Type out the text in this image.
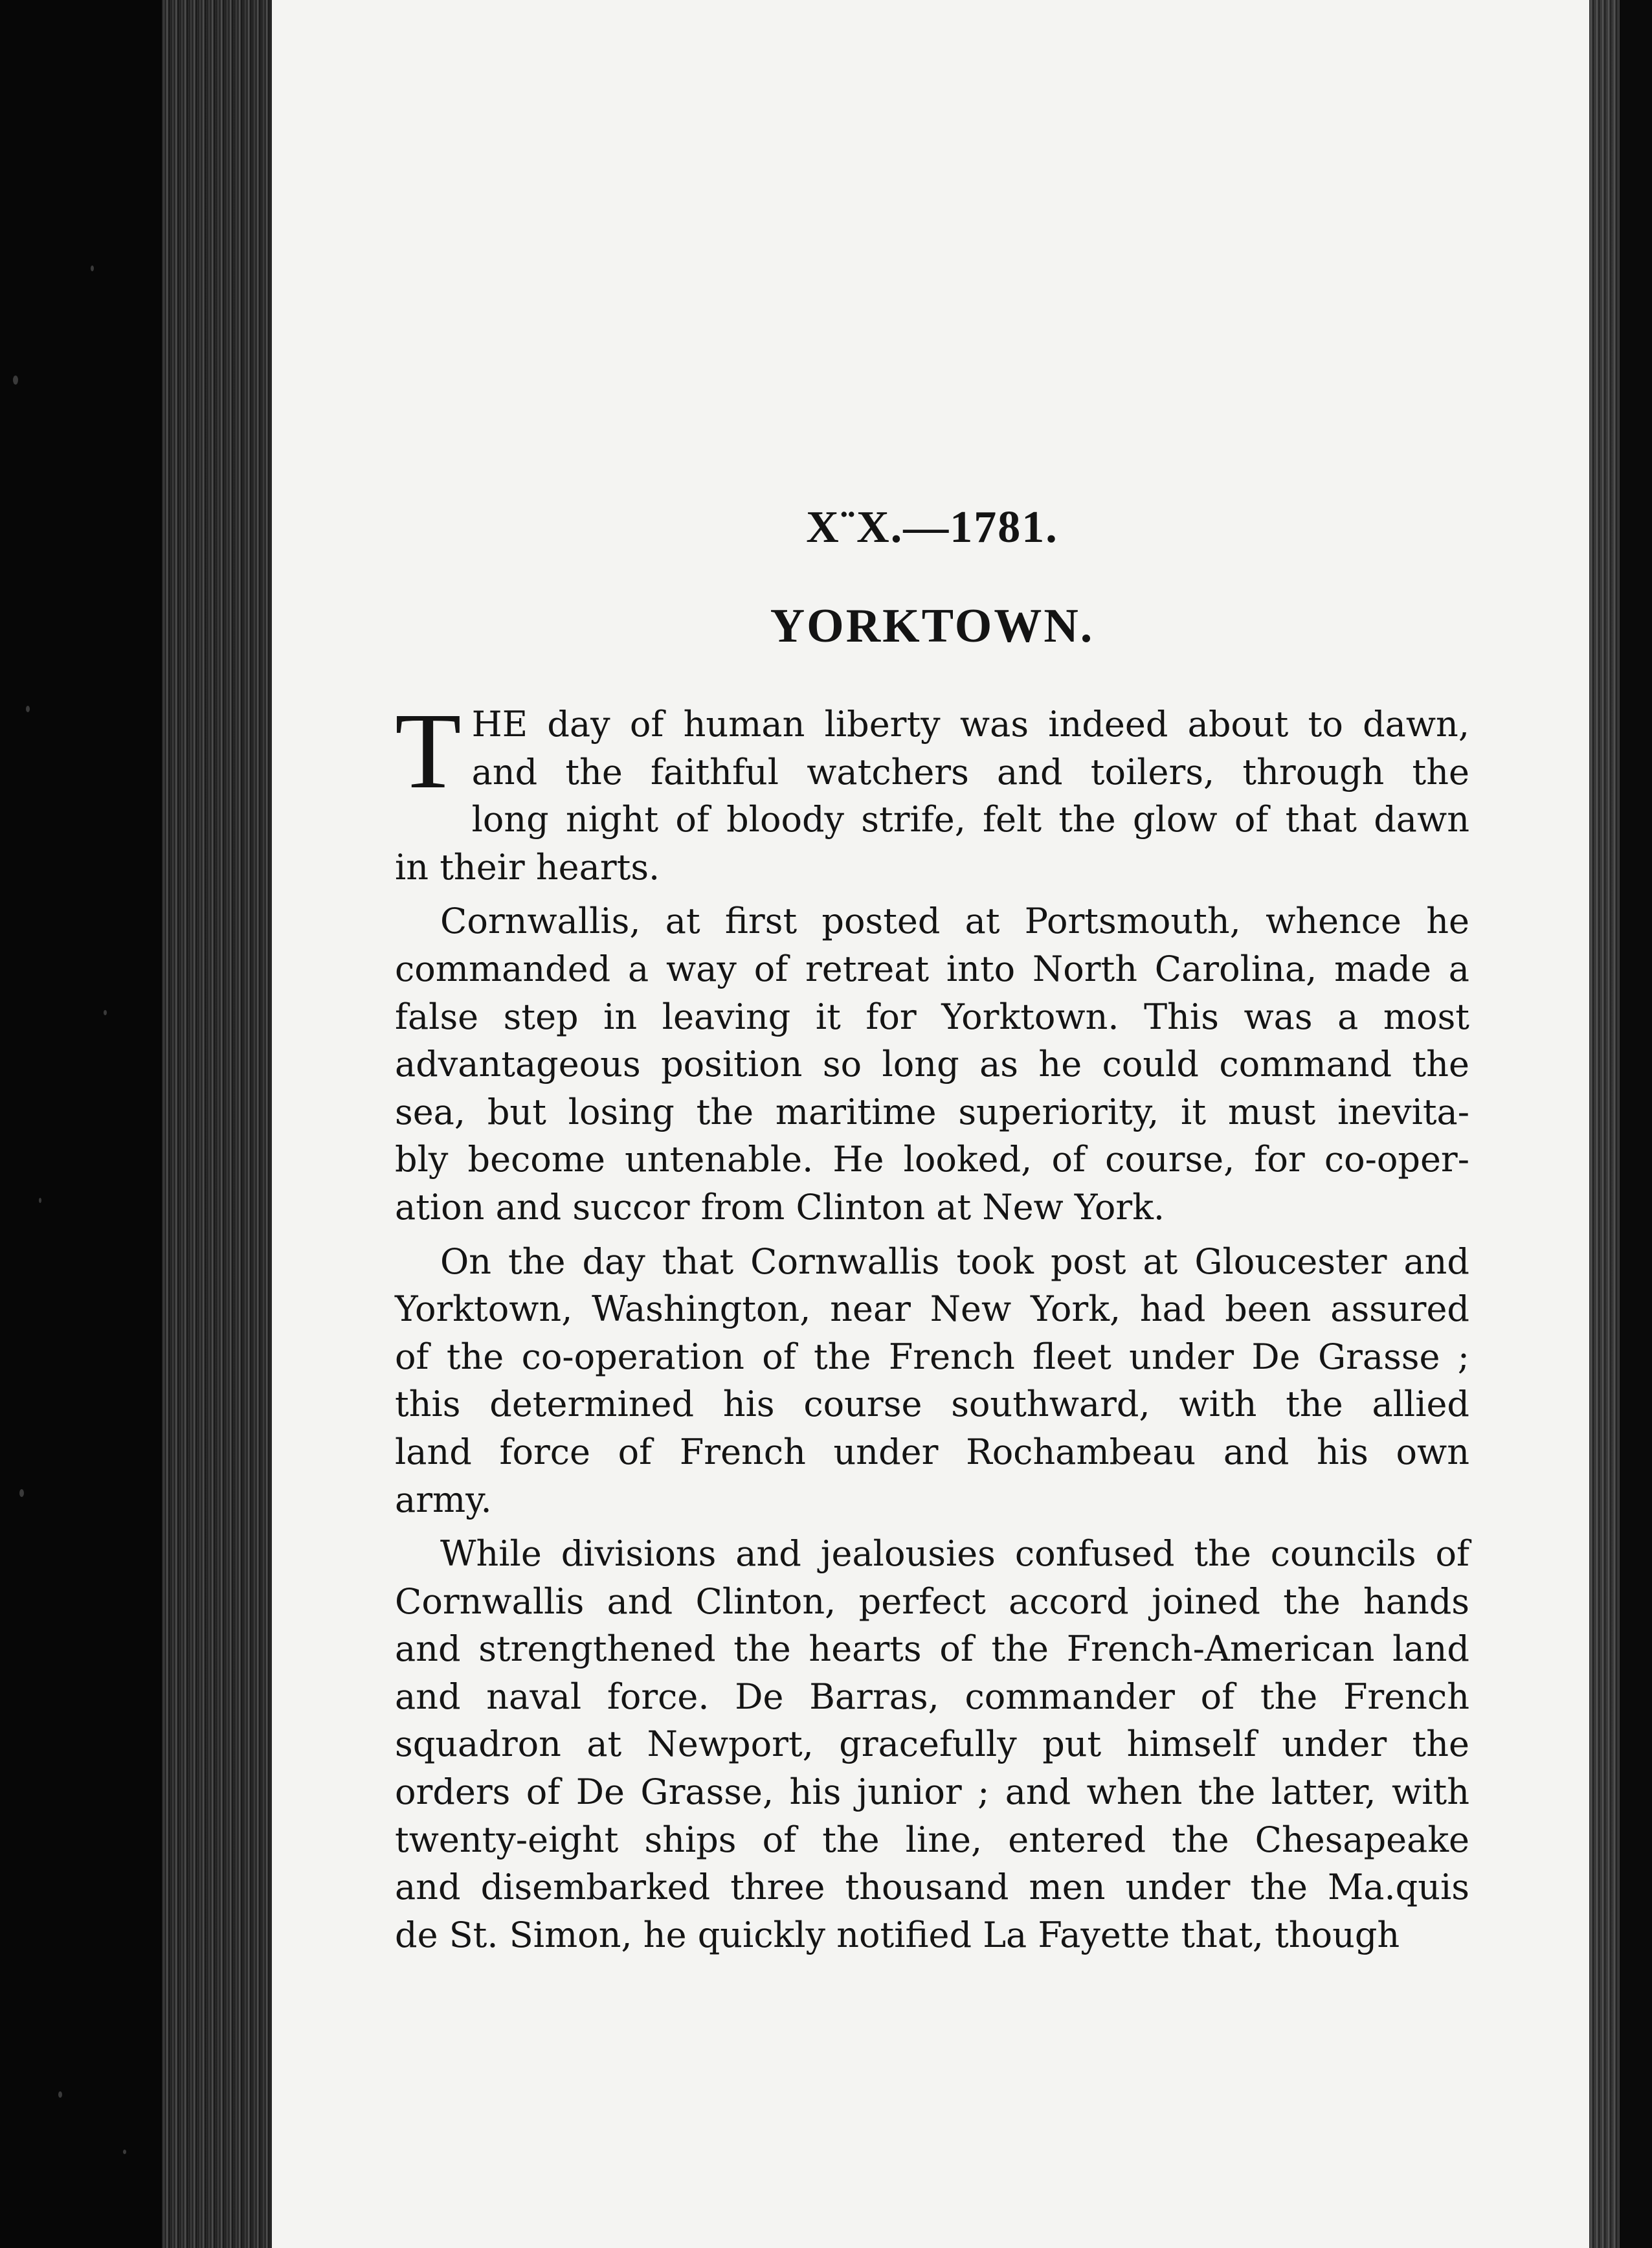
X¨X.—1781.
YORKTOWN.
T HE day of human liberty was indeed about to dawn,
and the faithful watchers and toilers, through the
long night of bloody strife, felt the glow of that dawn
in their hearts.
Cornwallis, at first posted at Portsmouth, whence he
commanded a way of retreat into North Carolina, made a
false step in leaving it for Yorktown. This was a most
advantageous position so long as he could command the
sea, but losing the maritime superiority, it must inevita-
bly become untenable. He looked, of course, for co-oper-
ation and succor from Clinton at New York.
On the day that Cornwallis took post at Gloucester and
Yorktown, Washington, near New York, had been assured
of the co-operation of the French fleet under De Grasse ;
this determined his course southward, with the allied
land force of French under Rochambeau and his own
army.
While divisions and jealousies confused the councils of
Cornwallis and Clinton, perfect accord joined the hands
and strengthened the hearts of the French-American land
and naval force. De Barras, commander of the French
squadron at Newport, gracefully put himself under the
orders of De Grasse, his junior ; and when the latter, with
twenty-eight ships of the line, entered the Chesapeake
and disembarked three thousand men under the Ma.quis
de St. Simon, he quickly notified La Fayette that, though
